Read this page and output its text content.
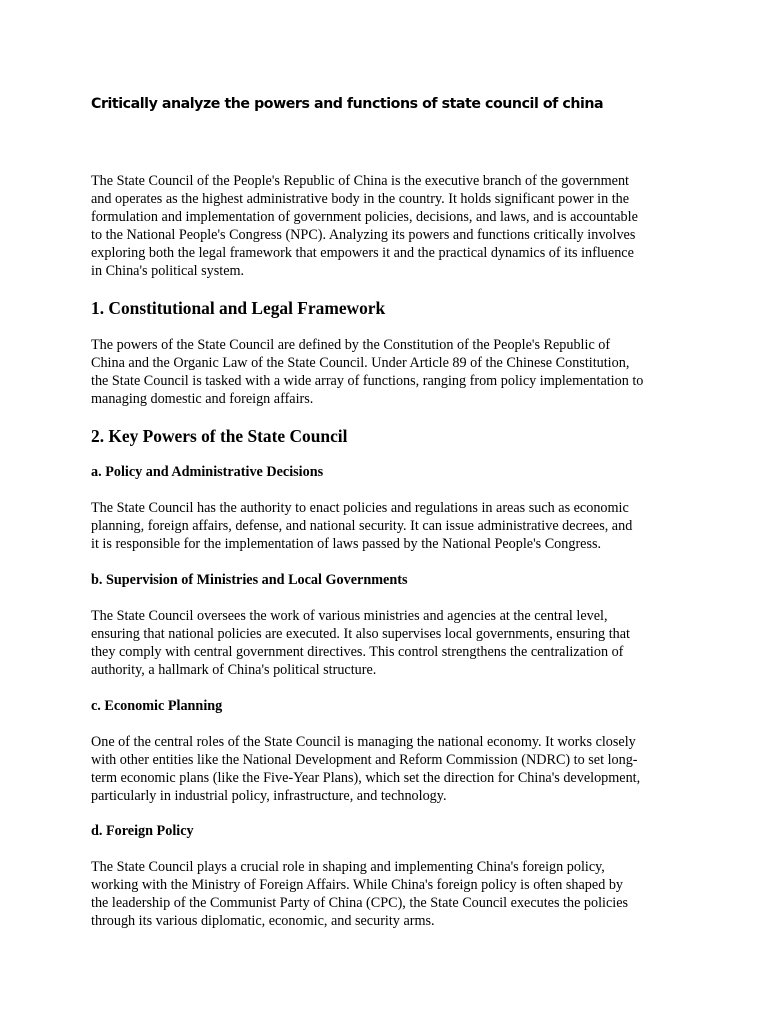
Critically analyze the powers and functions of state council of china

The State Council of the People's Republic of China is the executive branch of the government
and operates as the highest administrative body in the country. It holds significant power in the
formulation and implementation of government policies, decisions, and laws, and is accountable
to the National People's Congress (NPC). Analyzing its powers and functions critically involves
exploring both the legal framework that empowers it and the practical dynamics of its influence
in China's political system.

1. Constitutional and Legal Framework

The powers of the State Council are defined by the Constitution of the People's Republic of
China and the Organic Law of the State Council. Under Article 89 of the Chinese Constitution,
the State Council is tasked with a wide array of functions, ranging from policy implementation to
managing domestic and foreign affairs.

2. Key Powers of the State Council
a. Policy and Administrative Decisions

The State Council has the authority to enact policies and regulations in areas such as economic
planning, foreign affairs, defense, and national security. It can issue administrative decrees, and
it is responsible for the implementation of laws passed by the National People's Congress.

b. Supervision of Ministries and Local Governments

The State Council oversees the work of various ministries and agencies at the central level,
ensuring that national policies are executed. It also supervises local governments, ensuring that
they comply with central government directives. This control strengthens the centralization of
authority, a hallmark of China's political structure.

c. Economic Planning

One of the central roles of the State Council is managing the national economy. It works closely
with other entities like the National Development and Reform Commission (NDRC) to set long-
term economic plans (like the Five-Year Plans), which set the direction for China's development,
particularly in industrial policy, infrastructure, and technology.

d. Foreign Policy

The State Council plays a crucial role in shaping and implementing China's foreign policy,
working with the Ministry of Foreign Affairs. While China's foreign policy is often shaped by
the leadership of the Communist Party of China (CPC), the State Council executes the policies
through its various diplomatic, economic, and security arms.
